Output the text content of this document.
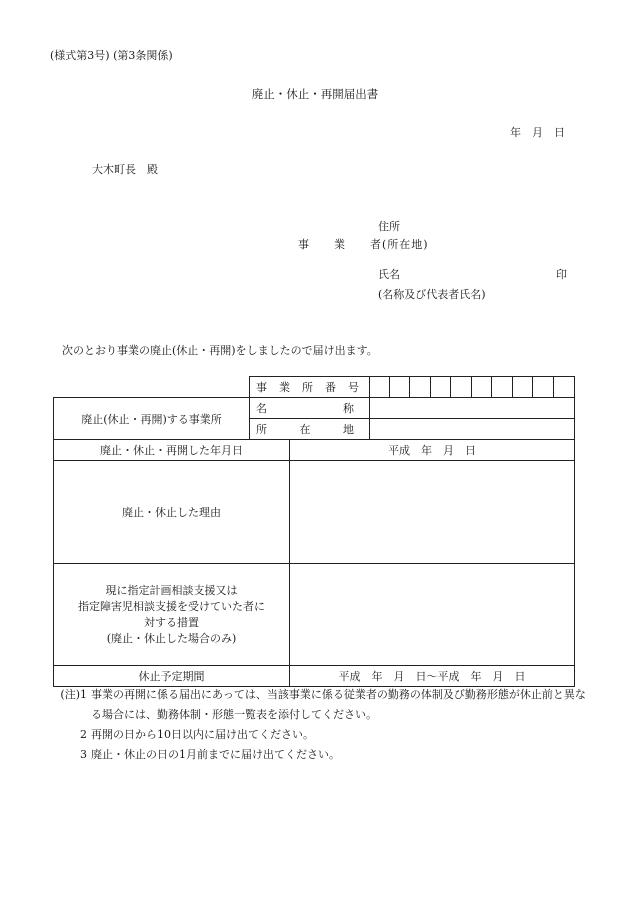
(様式第3号) (第3条関係)
廃止・休止・再開届出書
年　月　日
大木町長　殿
住所
事　　業　　者(所在地)
氏名	印
(名称及び代表者氏名)
次のとおり事業の廃止(休止・再開)をしましたので届け出ます。

	事 業 所 番 号											

廃止(休止・再開)する事業所	名 称											

	所 在 地											

廃止・休止・再開した年月日		平成　年　月　日										
廃止・休止した理由												

現に指定計画相談支援又は
指定障害児相談支援を受けていた者に
対する措置
(廃止・休止した場合のみ)												

休止予定期間		平成　年　月　日～平成　年　月　日										
(注)1 事業の再開に係る届出にあっては、当該事業に係る従業者の勤務の体制及び勤務形態が休止前と異なる場合には、勤務体制・形態一覧表を添付してください。
2 再開の日から10日以内に届け出てください。
3 廃止・休止の日の1月前までに届け出てください。
